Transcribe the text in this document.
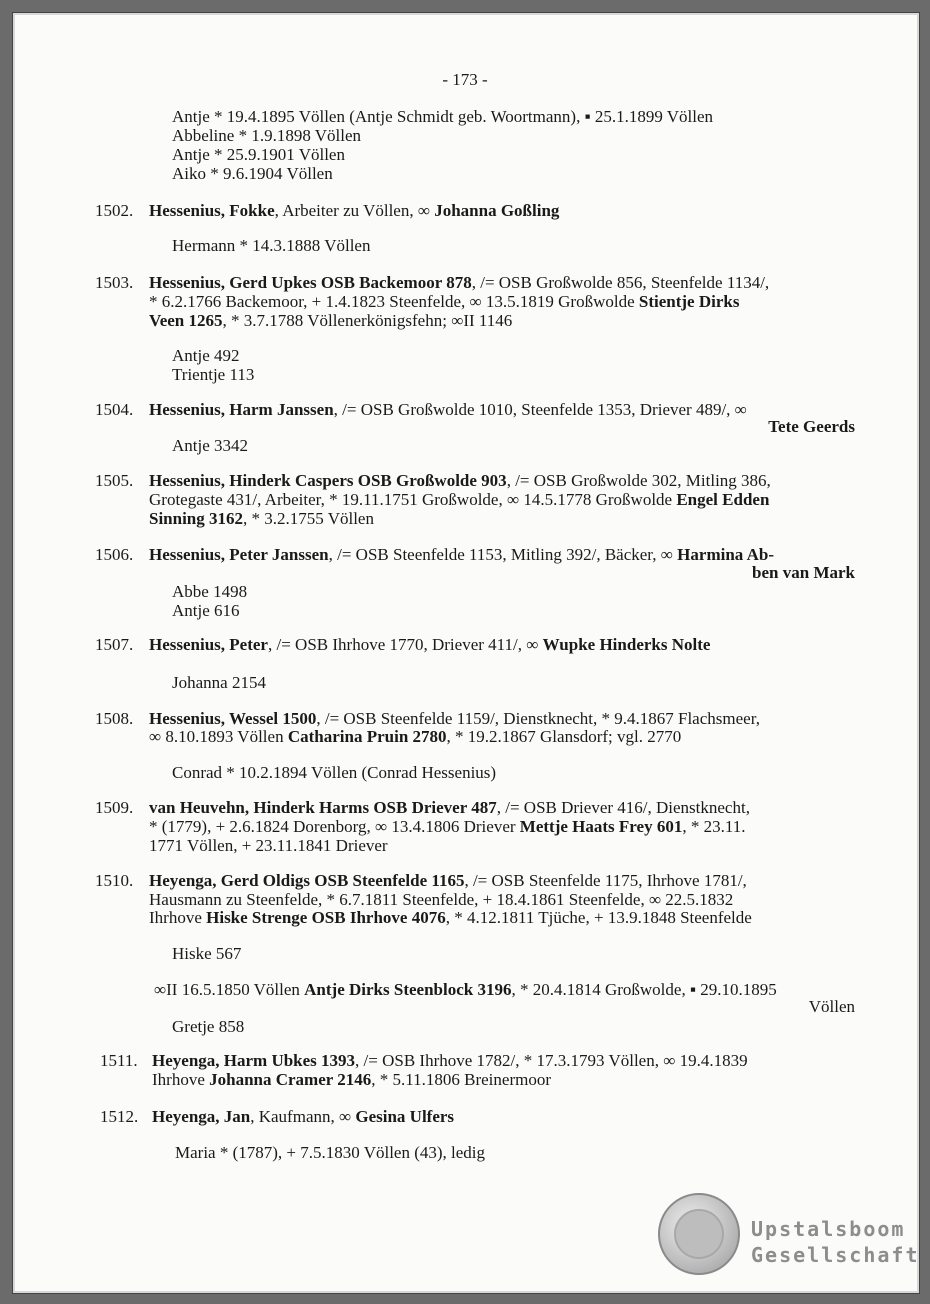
- 173 -
Antje * 19.4.1895 Völlen (Antje Schmidt geb. Woortmann), ▪ 25.1.1899 Völlen
Abbeline * 1.9.1898 Völlen
Antje * 25.9.1901 Völlen
Aiko * 9.6.1904 Völlen
1502. Hessenius, Fokke, Arbeiter zu Völlen, ∞ Johanna Goßling
Hermann * 14.3.1888 Völlen
1503. Hessenius, Gerd Upkes OSB Backemoor 878, /= OSB Großwolde 856, Steenfelde 1134/,
* 6.2.1766 Backemoor, + 1.4.1823 Steenfelde, ∞ 13.5.1819 Großwolde Stientje Dirks
Veen 1265, * 3.7.1788 Völlenerkönigsfehn; ∞II 1146
Antje 492
Trientje 113
1504. Hessenius, Harm Janssen, /= OSB Großwolde 1010, Steenfelde 1353, Driever 489/, ∞
Tete Geerds
Antje 3342
1505. Hessenius, Hinderk Caspers OSB Großwolde 903, /= OSB Großwolde 302, Mitling 386,
Grotegaste 431/, Arbeiter, * 19.11.1751 Großwolde, ∞ 14.5.1778 Großwolde Engel Edden
Sinning 3162, * 3.2.1755 Völlen
1506. Hessenius, Peter Janssen, /= OSB Steenfelde 1153, Mitling 392/, Bäcker, ∞ Harmina Ab-
ben van Mark
Abbe 1498
Antje 616
1507. Hessenius, Peter, /= OSB Ihrhove 1770, Driever 411/, ∞ Wupke Hinderks Nolte
Johanna 2154
1508. Hessenius, Wessel 1500, /= OSB Steenfelde 1159/, Dienstknecht, * 9.4.1867 Flachsmeer,
∞ 8.10.1893 Völlen Catharina Pruin 2780, * 19.2.1867 Glansdorf; vgl. 2770
Conrad * 10.2.1894 Völlen (Conrad Hessenius)
1509. van Heuvehn, Hinderk Harms OSB Driever 487, /= OSB Driever 416/, Dienstknecht,
* (1779), + 2.6.1824 Dorenborg, ∞ 13.4.1806 Driever Mettje Haats Frey 601, * 23.11.
1771 Völlen, + 23.11.1841 Driever
1510. Heyenga, Gerd Oldigs OSB Steenfelde 1165, /= OSB Steenfelde 1175, Ihrhove 1781/,
Hausmann zu Steenfelde, * 6.7.1811 Steenfelde, + 18.4.1861 Steenfelde, ∞ 22.5.1832
Ihrhove Hiske Strenge OSB Ihrhove 4076, * 4.12.1811 Tjüche, + 13.9.1848 Steenfelde
Hiske 567
∞II 16.5.1850 Völlen Antje Dirks Steenblock 3196, * 20.4.1814 Großwolde, ▪ 29.10.1895
Völlen
Gretje 858
1511. Heyenga, Harm Ubkes 1393, /= OSB Ihrhove 1782/, * 17.3.1793 Völlen, ∞ 19.4.1839
Ihrhove Johanna Cramer 2146, * 5.11.1806 Breinermoor
1512. Heyenga, Jan, Kaufmann, ∞ Gesina Ulfers
Maria * (1787), + 7.5.1830 Völlen (43), ledig
Upstalsboom
Gesellschaft
